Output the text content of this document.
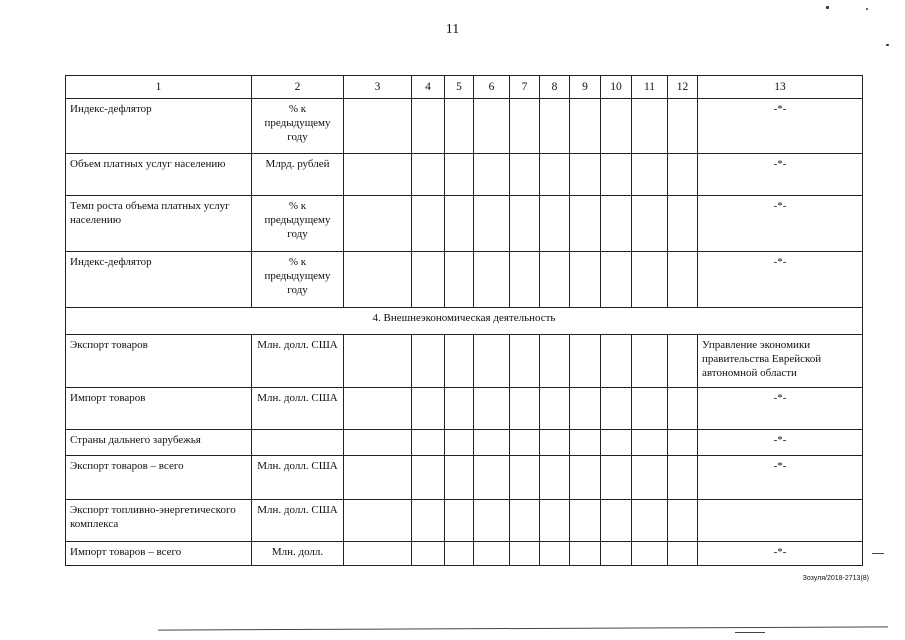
11
1	2	3	4	5	6	7	8	9	10	11	12	13
Индекс-дефлятор	% к предыдущему году											-*-
Объем платных услуг населению	Млрд. рублей											-*-
Темп роста объема платных услуг населению	% к предыдущему году											-*-
Индекс-дефлятор	% к предыдущему году											-*-
4. Внешнеэкономическая деятельность												
Экспорт товаров	Млн. долл. США											Управление экономики правительства Еврейской автономной области
Импорт товаров	Млн. долл. США											-*-
Страны дальнего зарубежья												-*-
Экспорт товаров – всего	Млн. долл. США											-*-
Экспорт топливно-энергетического комплекса	Млн. долл. США											
Импорт товаров – всего	Млн. долл.											-*-
Зозуля/2018-2713(8)
